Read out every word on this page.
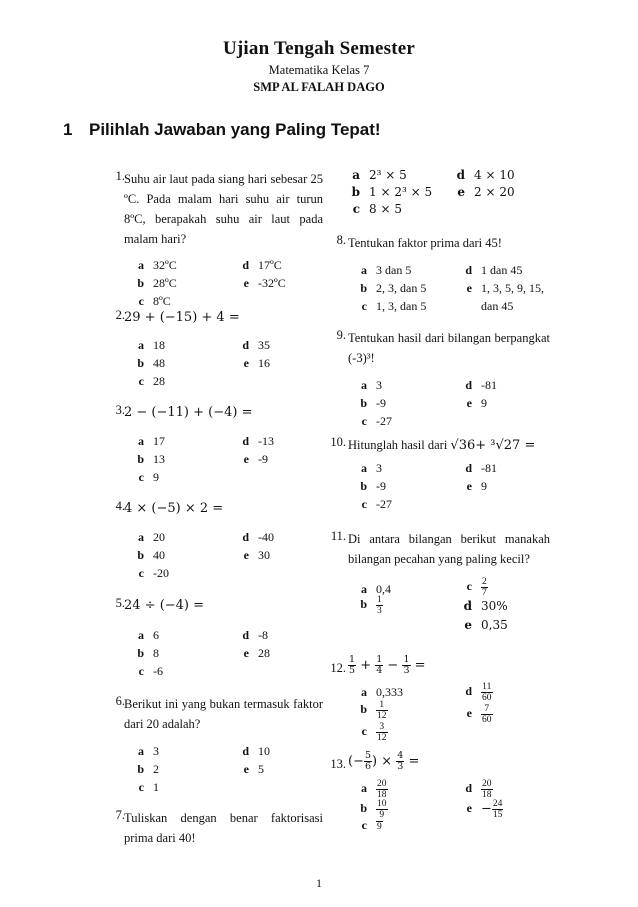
Ujian Tengah Semester
Matematika Kelas 7
SMP AL FALAH DAGO
1 Pilihlah Jawaban yang Paling Tepat!
1. Suhu air laut pada siang hari sebesar 25 ºC. Pada malam hari suhu air turun 8ºC, berapakah suhu air laut pada malam hari?
a 32ºC
b 28ºC
c 8ºC
d 17ºC
e -32ºC
2. 29 + (−15) + 4 =
a 18
b 48
c 28
d 35
e 16
3. 2 − (−11) + (−4) =
a 17
b 13
c 9
d -13
e -9
4. 4 × (−5) × 2 =
a 20
b 40
c -20
d -40
e 30
5. 24 ÷ (−4) =
a 6
b 8
c -6
d -8
e 28
6. Berikut ini yang bukan termasuk faktor dari 20 adalah?
a 3
b 2
c 1
d 10
e 5
7. Tuliskan dengan benar faktorisasi prima dari 40!
a 2³ × 5
b 1 × 2³ × 5
c 8 × 5
d 4 × 10
e 2 × 20
8. Tentukan faktor prima dari 45!
a 3 dan 5
b 2, 3, dan 5
c 1, 3, dan 5
d 1 dan 45
e 1, 3, 5, 9, 15,
dan 45
9. Tentukan hasil dari bilangan berpangkat (-3)³!
a 3
b -9
c -27
d -81
e 9
10. Hitunglah hasil dari √36+ ³√27 =
a 3
b -9
c -27
d -81
e 9
11. Di antara bilangan berikut manakah bilangan pecahan yang paling kecil?
a 0,4
b $\frac{1}{3}$
c $\frac{2}{7}$
d 30%
e 0,35
12. $\frac{1}{5} + \frac{1}{4} - \frac{1}{3}$ =
a 0,333
b $\frac{1}{12}$
c $\frac{3}{12}$
d $\frac{11}{60}$
e $\frac{7}{60}$
13. (− $\frac{5}{6}$ ) × $\frac{4}{3}$ =
a $\frac{20}{18}$
b $\frac{10}{9}$
c 9
d $\frac{20}{18}$
$e - \frac{24}{15}$
1
